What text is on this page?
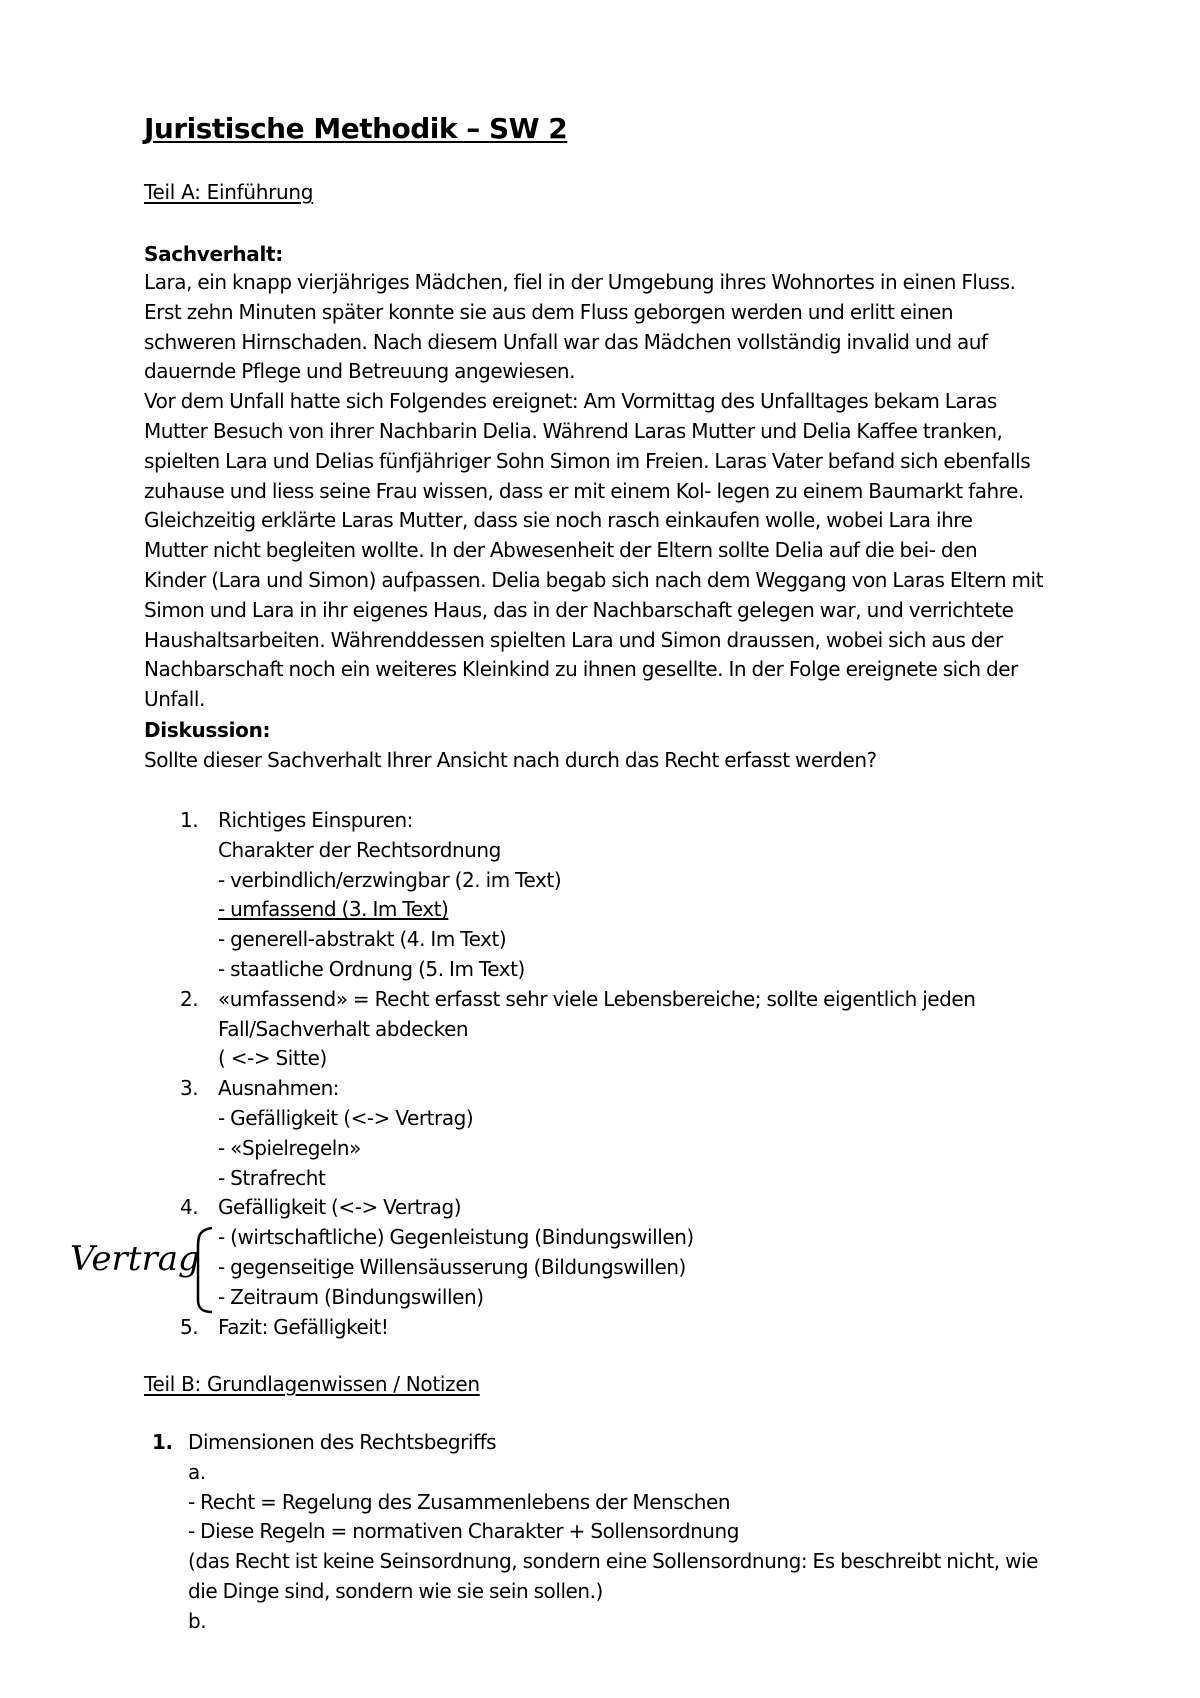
Juristische Methodik – SW 2
Teil A: Einführung
Sachverhalt:
Lara, ein knapp vierjähriges Mädchen, fiel in der Umgebung ihres Wohnortes in einen Fluss.
Erst zehn Minuten später konnte sie aus dem Fluss geborgen werden und erlitt einen
schweren Hirnschaden. Nach diesem Unfall war das Mädchen vollständig invalid und auf
dauernde Pflege und Betreuung angewiesen.
Vor dem Unfall hatte sich Folgendes ereignet: Am Vormittag des Unfalltages bekam Laras
Mutter Besuch von ihrer Nachbarin Delia. Während Laras Mutter und Delia Kaffee tranken,
spielten Lara und Delias fünfjähriger Sohn Simon im Freien. Laras Vater befand sich ebenfalls
zuhause und liess seine Frau wissen, dass er mit einem Kol- legen zu einem Baumarkt fahre.
Gleichzeitig erklärte Laras Mutter, dass sie noch rasch einkaufen wolle, wobei Lara ihre
Mutter nicht begleiten wollte. In der Abwesenheit der Eltern sollte Delia auf die bei- den
Kinder (Lara und Simon) aufpassen. Delia begab sich nach dem Weggang von Laras Eltern mit
Simon und Lara in ihr eigenes Haus, das in der Nachbarschaft gelegen war, und verrichtete
Haushaltsarbeiten. Währenddessen spielten Lara und Simon draussen, wobei sich aus der
Nachbarschaft noch ein weiteres Kleinkind zu ihnen gesellte. In der Folge ereignete sich der
Unfall.
Diskussion:
Sollte dieser Sachverhalt Ihrer Ansicht nach durch das Recht erfasst werden?
1. Richtiges Einspuren:
Charakter der Rechtsordnung
- verbindlich/erzwingbar (2. im Text)
- umfassend (3. Im Text)
- generell-abstrakt (4. Im Text)
- staatliche Ordnung (5. Im Text)
2. «umfassend» = Recht erfasst sehr viele Lebensbereiche; sollte eigentlich jeden
Fall/Sachverhalt abdecken
( <-> Sitte)
3. Ausnahmen:
- Gefälligkeit (<-> Vertrag)
- «Spielregeln»
- Strafrecht
4. Gefälligkeit (<-> Vertrag)
- (wirtschaftliche) Gegenleistung (Bindungswillen)
- gegenseitige Willensäusserung (Bildungswillen)
- Zeitraum (Bindungswillen)
5. Fazit: Gefälligkeit!
Vertrag
Teil B: Grundlagenwissen / Notizen
1. Dimensionen des Rechtsbegriffs
a.
- Recht = Regelung des Zusammenlebens der Menschen
- Diese Regeln = normativen Charakter + Sollensordnung
(das Recht ist keine Seinsordnung, sondern eine Sollensordnung: Es beschreibt nicht, wie
die Dinge sind, sondern wie sie sein sollen.)
b.
